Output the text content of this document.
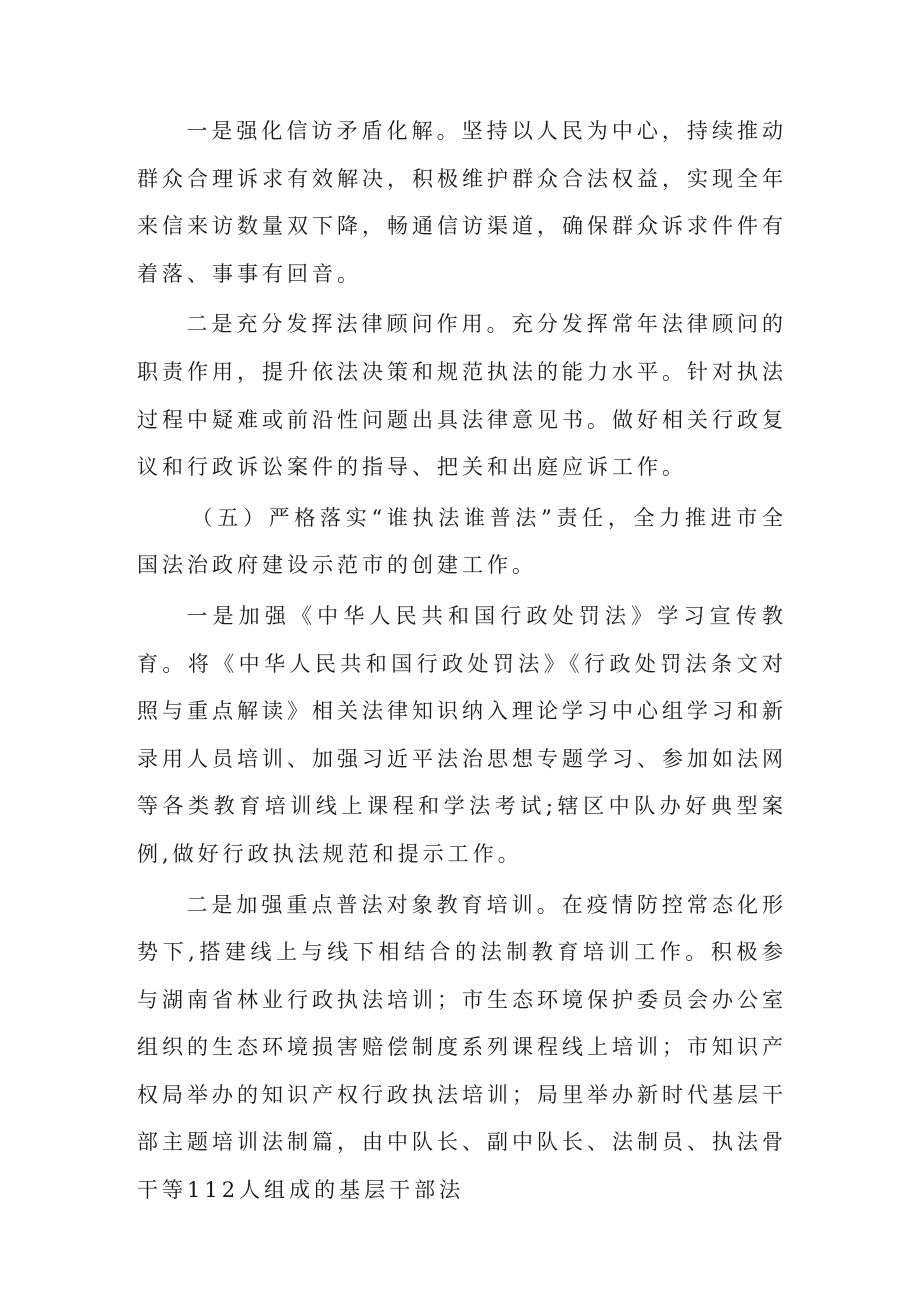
一是强化信访矛盾化解。坚持以人民为中心，持续推动群众合理诉求有效解决，积极维护群众合法权益，实现全年来信来访数量双下降，畅通信访渠道，确保群众诉求件件有着落、事事有回音。

二是充分发挥法律顾问作用。充分发挥常年法律顾问的职责作用，提升依法决策和规范执法的能力水平。针对执法过程中疑难或前沿性问题出具法律意见书。做好相关行政复议和行政诉讼案件的指导、把关和出庭应诉工作。

（五）严格落实“谁执法谁普法”责任，全力推进市全国法治政府建设示范市的创建工作。

一是加强《中华人民共和国行政处罚法》学习宣传教育。将《中华人民共和国行政处罚法》《行政处罚法条文对照与重点解读》相关法律知识纳入理论学习中心组学习和新录用人员培训、加强习近平法治思想专题学习、参加如法网等各类教育培训线上课程和学法考试;辖区中队办好典型案例,做好行政执法规范和提示工作。

二是加强重点普法对象教育培训。在疫情防控常态化形势下,搭建线上与线下相结合的法制教育培训工作。积极参与湖南省林业行政执法培训；市生态环境保护委员会办公室组织的生态环境损害赔偿制度系列课程线上培训；市知识产权局举办的知识产权行政执法培训；局里举办新时代基层干部主题培训法制篇，由中队长、副中队长、法制员、执法骨干等112人组成的基层干部法
